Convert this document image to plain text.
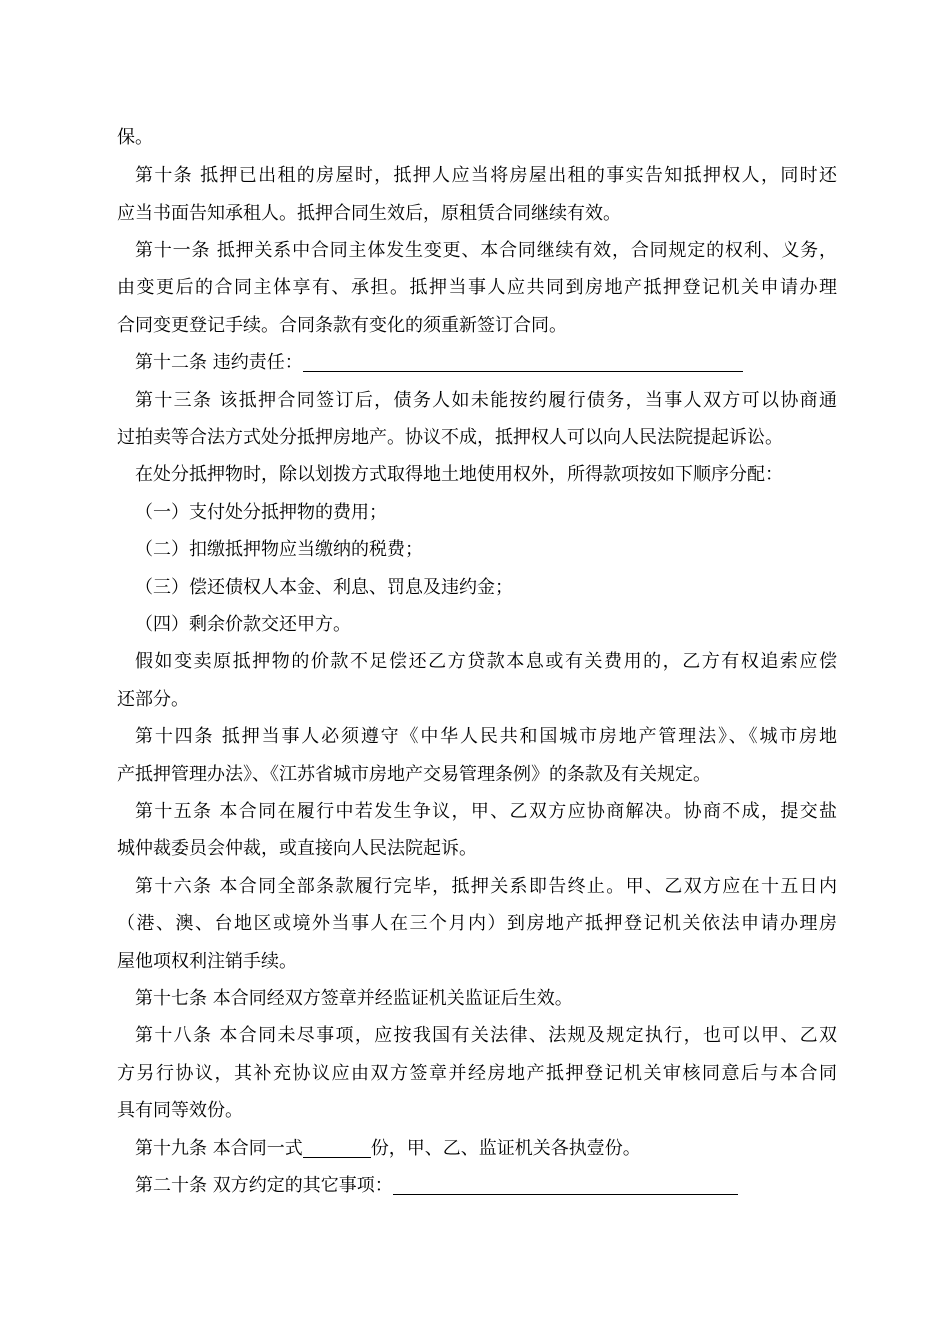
保。
第十条 抵押已出租的房屋时，抵押人应当将房屋出租的事实告知抵押权人，同时还
应当书面告知承租人。抵押合同生效后，原租赁合同继续有效。
第十一条 抵押关系中合同主体发生变更、本合同继续有效，合同规定的权利、义务，
由变更后的合同主体享有、承担。抵押当事人应共同到房地产抵押登记机关申请办理
合同变更登记手续。合同条款有变化的须重新签订合同。
第十二条 违约责任：
第十三条 该抵押合同签订后，债务人如未能按约履行债务，当事人双方可以协商通
过拍卖等合法方式处分抵押房地产。协议不成，抵押权人可以向人民法院提起诉讼。
在处分抵押物时，除以划拨方式取得地土地使用权外，所得款项按如下顺序分配：
（一）支付处分抵押物的费用；
（二）扣缴抵押物应当缴纳的税费；
（三）偿还债权人本金、利息、罚息及违约金；
（四）剩余价款交还甲方。
假如变卖原抵押物的价款不足偿还乙方贷款本息或有关费用的，乙方有权追索应偿
还部分。
第十四条 抵押当事人必须遵守《中华人民共和国城市房地产管理法》、《城市房地
产抵押管理办法》、《江苏省城市房地产交易管理条例》的条款及有关规定。
第十五条 本合同在履行中若发生争议，甲、乙双方应协商解决。协商不成，提交盐
城仲裁委员会仲裁，或直接向人民法院起诉。
第十六条 本合同全部条款履行完毕，抵押关系即告终止。甲、乙双方应在十五日内
（港、澳、台地区或境外当事人在三个月内）到房地产抵押登记机关依法申请办理房
屋他项权利注销手续。
第十七条 本合同经双方签章并经监证机关监证后生效。
第十八条 本合同未尽事项，应按我国有关法律、法规及规定执行，也可以甲、乙双
方另行协议，其补充协议应由双方签章并经房地产抵押登记机关审核同意后与本合同
具有同等效份。
第十九条 本合同一式	份，甲、乙、监证机关各执壹份。
第二十条 双方约定的其它事项：
